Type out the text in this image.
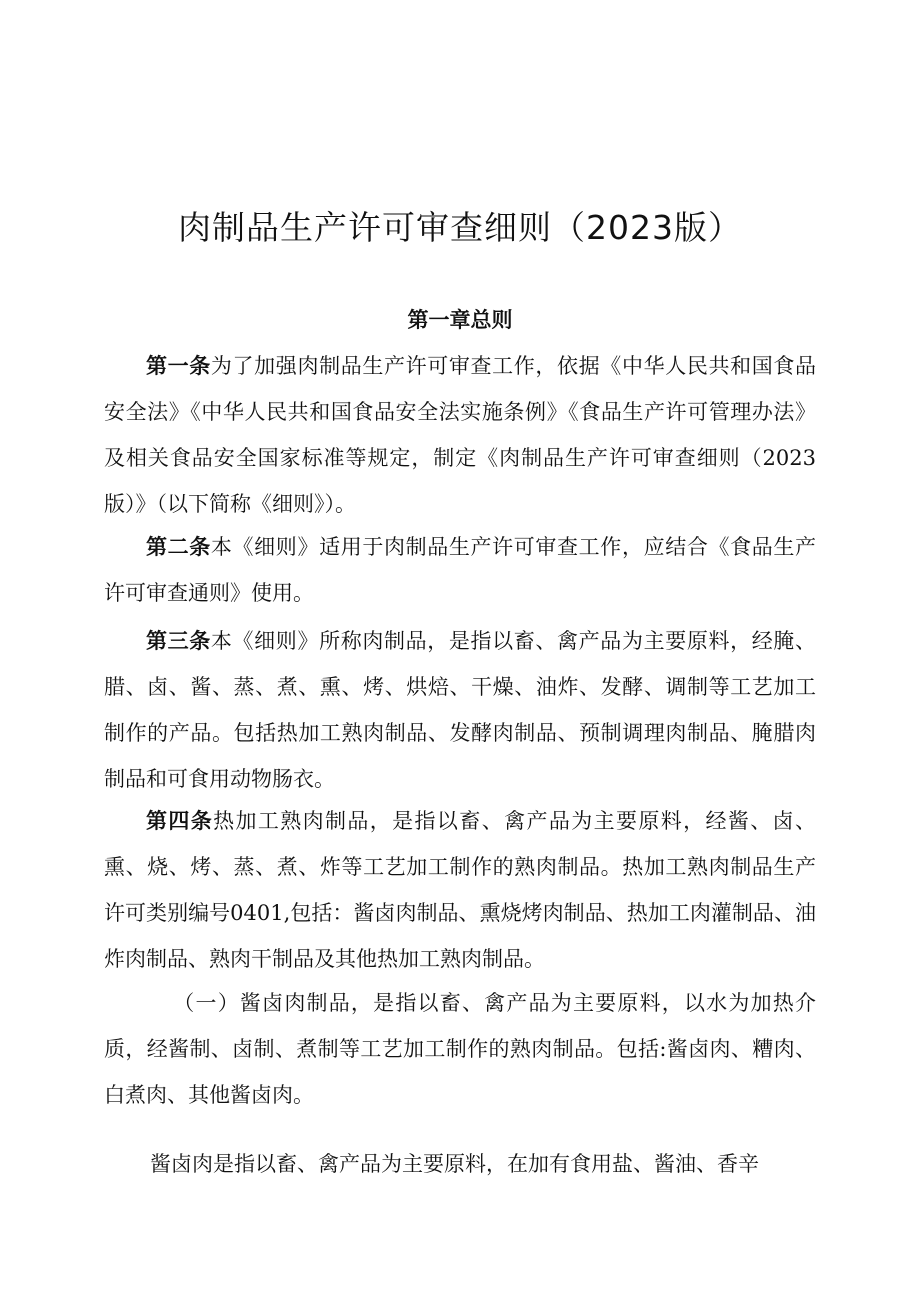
肉制品生产许可审查细则（2023版）
第一章总则

第一条为了加强肉制品生产许可审查工作，依据《中华人民共和国食品安全法》《中华人民共和国食品安全法实施条例》《食品生产许可管理办法》及相关食品安全国家标准等规定，制定《肉制品生产许可审查细则（2023版）》（以下简称《细则》）。

第二条本《细则》适用于肉制品生产许可审查工作，应结合《食品生产许可审查通则》使用。

第三条本《细则》所称肉制品，是指以畜、禽产品为主要原料，经腌、腊、卤、酱、蒸、煮、熏、烤、烘焙、干燥、油炸、发酵、调制等工艺加工制作的产品。包括热加工熟肉制品、发酵肉制品、预制调理肉制品、腌腊肉制品和可食用动物肠衣。

第四条热加工熟肉制品，是指以畜、禽产品为主要原料，经酱、卤、熏、烧、烤、蒸、煮、炸等工艺加工制作的熟肉制品。热加工熟肉制品生产许可类别编号0401,包括：酱卤肉制品、熏烧烤肉制品、热加工肉灌制品、油炸肉制品、熟肉干制品及其他热加工熟肉制品。

（一）酱卤肉制品，是指以畜、禽产品为主要原料，以水为加热介质，经酱制、卤制、煮制等工艺加工制作的熟肉制品。包括:酱卤肉、糟肉、白煮肉、其他酱卤肉。

酱卤肉是指以畜、禽产品为主要原料，在加有食用盐、酱油、香辛
